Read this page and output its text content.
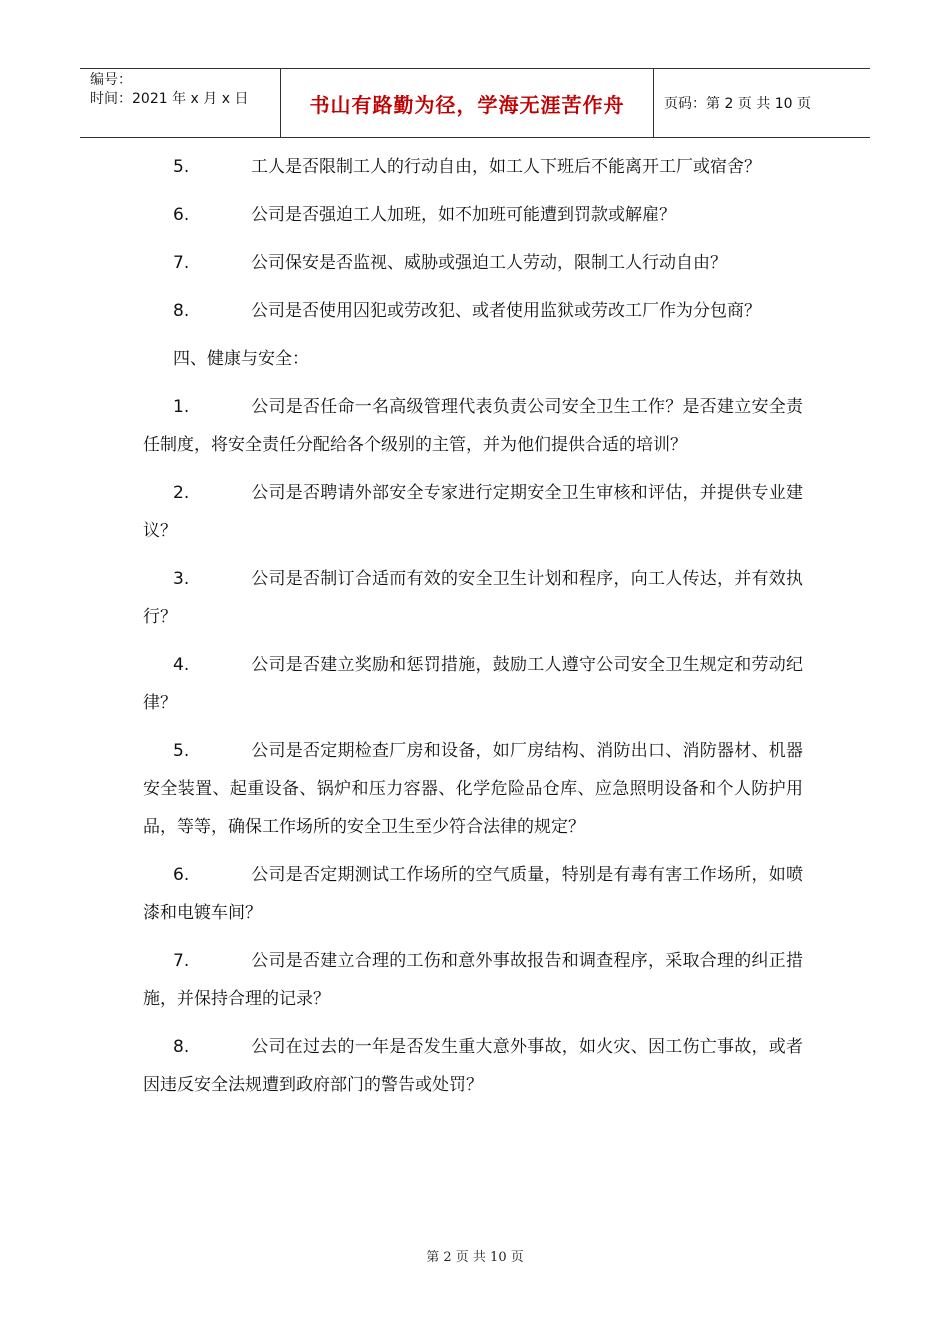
编号：
时间：2021 年 x 月 x 日	书山有路勤为径，学海无涯苦作舟	页码：第 2 页 共 10 页
5.	工人是否限制工人的行动自由，如工人下班后不能离开工厂或宿舍？
6.	公司是否强迫工人加班，如不加班可能遭到罚款或解雇？
7.	公司保安是否监视、威胁或强迫工人劳动，限制工人行动自由？
8.	公司是否使用囚犯或劳改犯、或者使用监狱或劳改工厂作为分包商？
四、健康与安全：
1.	公司是否任命一名高级管理代表负责公司安全卫生工作？是否建立安全责任制度，将安全责任分配给各个级别的主管，并为他们提供合适的培训？
2.	公司是否聘请外部安全专家进行定期安全卫生审核和评估，并提供专业建议？
3.	公司是否制订合适而有效的安全卫生计划和程序，向工人传达，并有效执行？
4.	公司是否建立奖励和惩罚措施，鼓励工人遵守公司安全卫生规定和劳动纪律？
5.	公司是否定期检查厂房和设备，如厂房结构、消防出口、消防器材、机器安全装置、起重设备、锅炉和压力容器、化学危险品仓库、应急照明设备和个人防护用品，等等，确保工作场所的安全卫生至少符合法律的规定？
6.	公司是否定期测试工作场所的空气质量，特别是有毒有害工作场所，如喷漆和电镀车间？
7.	公司是否建立合理的工伤和意外事故报告和调查程序，采取合理的纠正措施，并保持合理的记录？
8.	公司在过去的一年是否发生重大意外事故，如火灾、因工伤亡事故，或者因违反安全法规遭到政府部门的警告或处罚？
第 2 页 共 10 页
